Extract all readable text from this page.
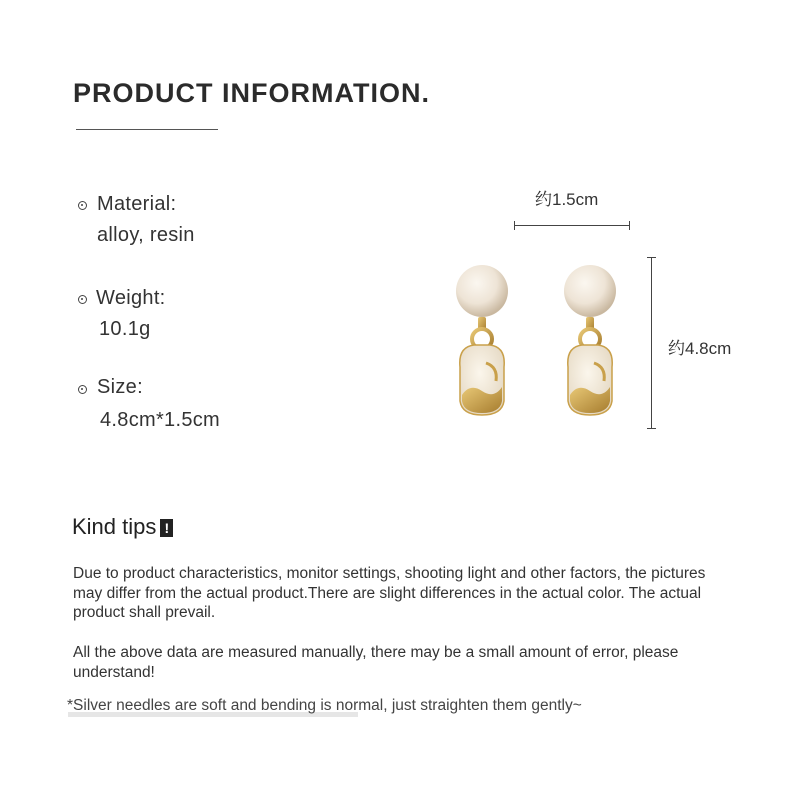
PRODUCT INFORMATION.
Material:
alloy, resin
Weight:
10.1g
Size:
4.8cm*1.5cm
约1.5cm
约4.8cm
Kind tips !
Due to product characteristics, monitor settings, shooting light and other factors, the pictures may differ from the actual product.There are slight differences in the actual color. The actual product shall prevail.
All the above data are measured manually, there may be a small amount of error, please understand!
*Silver needles are soft and bending is normal, just straighten them gently~
